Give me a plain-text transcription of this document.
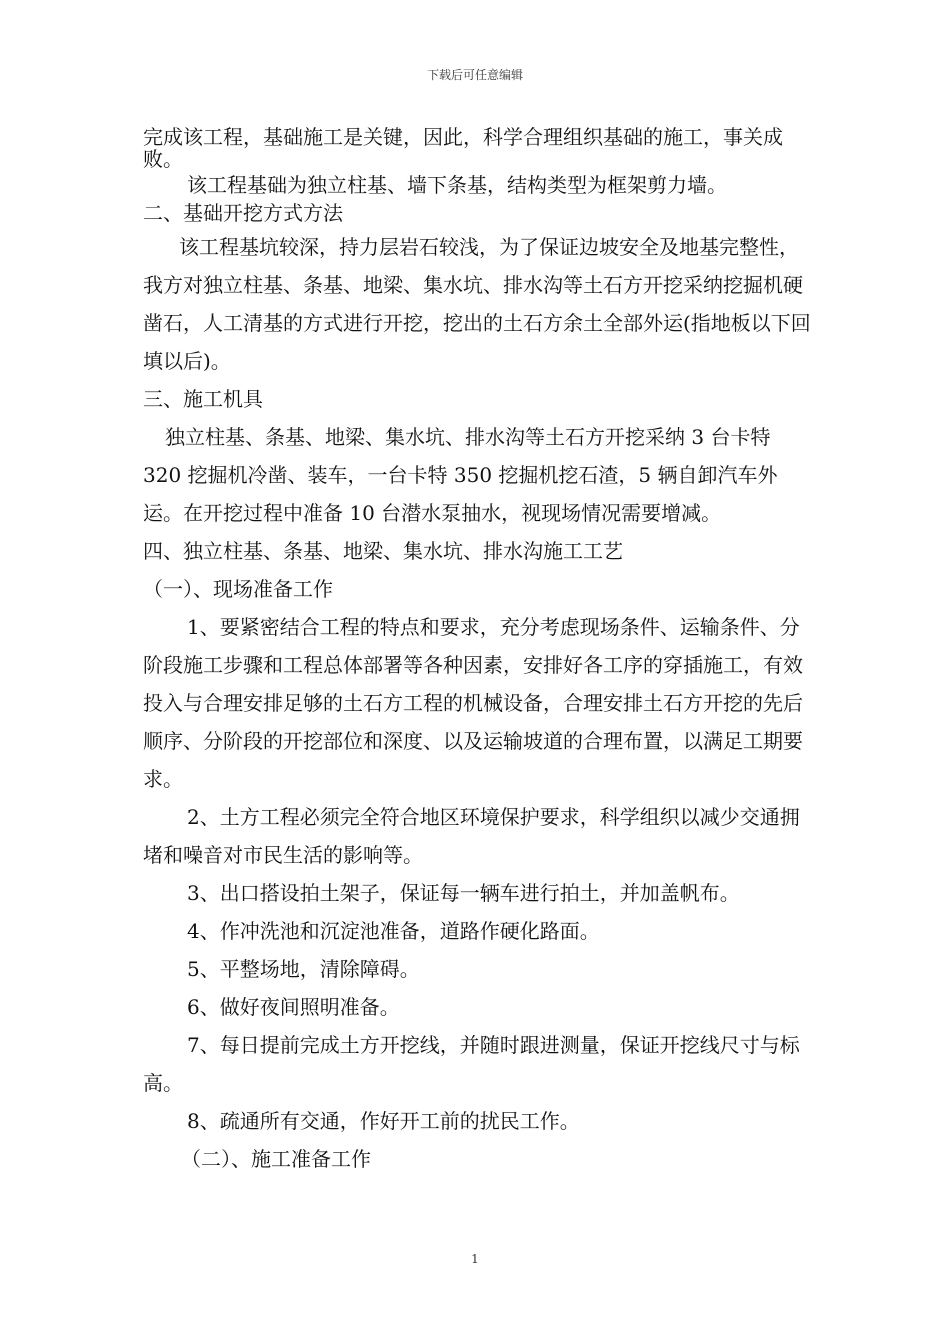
下载后可任意编辑

完成该工程，基础施工是关键，因此，科学合理组织基础的施工，事关成败。

该工程基础为独立柱基、墙下条基，结构类型为框架剪力墙。

二、基础开挖方式方法

该工程基坑较深，持力层岩石较浅，为了保证边坡安全及地基完整性，我方对独立柱基、条基、地梁、集水坑、排水沟等土石方开挖采纳挖掘机硬凿石，人工清基的方式进行开挖，挖出的土石方余土全部外运(指地板以下回填以后)。

三、施工机具

独立柱基、条基、地梁、集水坑、排水沟等土石方开挖采纳 3 台卡特 320 挖掘机冷凿、装车，一台卡特 350 挖掘机挖石渣，5 辆自卸汽车外运。在开挖过程中准备 10 台潜水泵抽水，视现场情况需要增减。

四、独立柱基、条基、地梁、集水坑、排水沟施工工艺

（一）、现场准备工作

1、要紧密结合工程的特点和要求，充分考虑现场条件、运输条件、分阶段施工步骤和工程总体部署等各种因素，安排好各工序的穿插施工，有效投入与合理安排足够的土石方工程的机械设备，合理安排土石方开挖的先后顺序、分阶段的开挖部位和深度、以及运输坡道的合理布置，以满足工期要求。

2、土方工程必须完全符合地区环境保护要求，科学组织以减少交通拥堵和噪音对市民生活的影响等。

3、出口搭设拍土架子，保证每一辆车进行拍土，并加盖帆布。

4、作冲洗池和沉淀池准备，道路作硬化路面。

5、平整场地，清除障碍。

6、做好夜间照明准备。

7、每日提前完成土方开挖线，并随时跟进测量，保证开挖线尺寸与标高。

8、疏通所有交通，作好开工前的扰民工作。

（二）、施工准备工作

1
